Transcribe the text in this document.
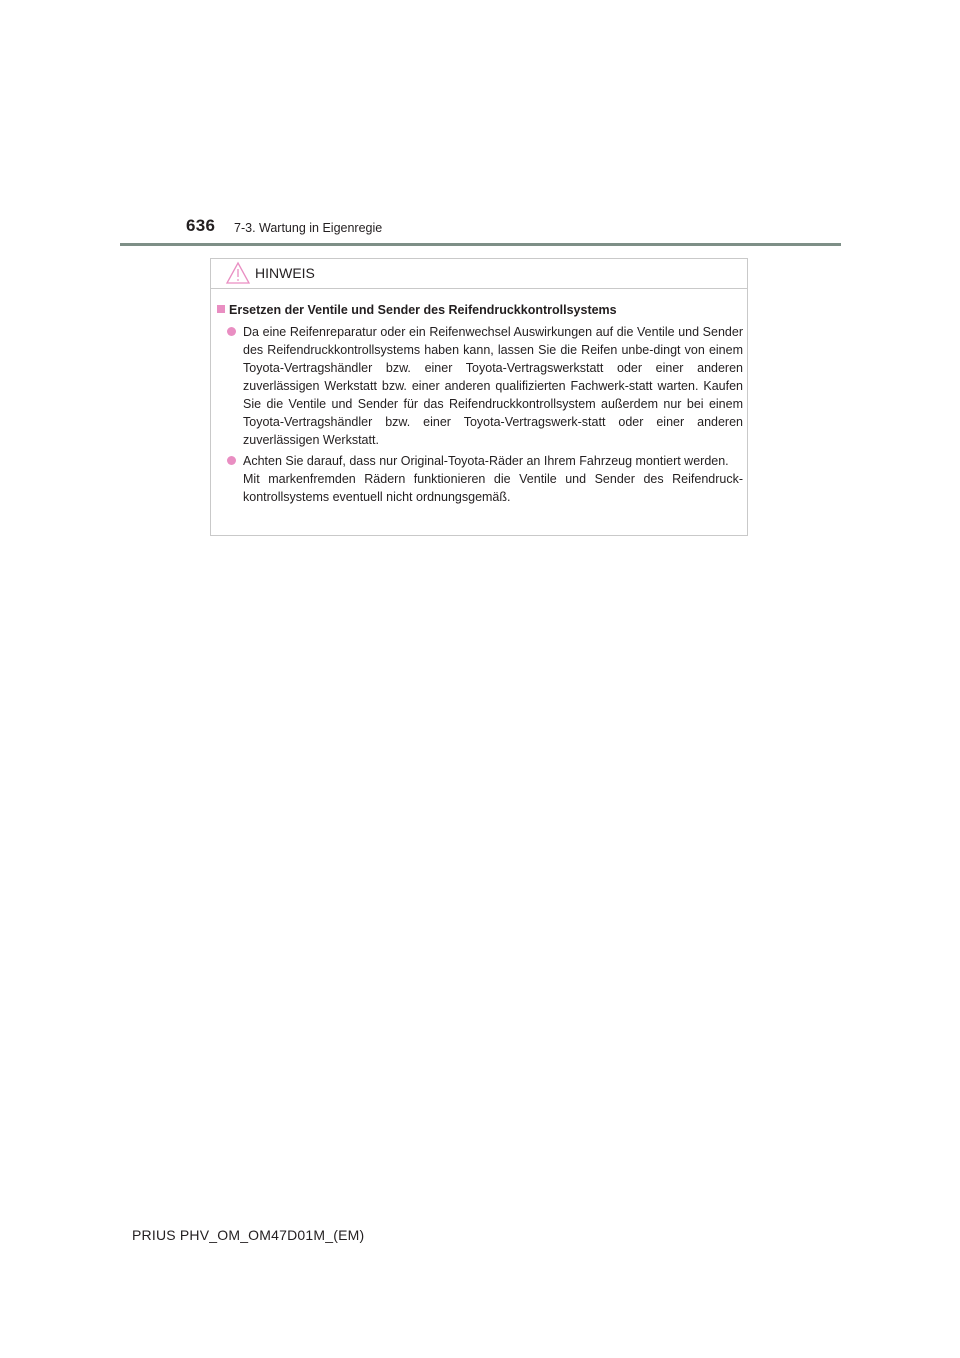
636 7-3. Wartung in Eigenregie
HINWEIS
Ersetzen der Ventile und Sender des Reifendruckkontrollsystems

Da eine Reifenreparatur oder ein Reifenwechsel Auswirkungen auf die Ventile und Sender des Reifendruckkontrollsystems haben kann, lassen Sie die Reifen unbe-dingt von einem Toyota-Vertragshändler bzw. einer Toyota-Vertragswerkstatt oder einer anderen zuverlässigen Werkstatt bzw. einer anderen qualifizierten Fachwerk-statt warten. Kaufen Sie die Ventile und Sender für das Reifendruckkontrollsystem außerdem nur bei einem Toyota-Vertragshändler bzw. einer Toyota-Vertragswerk-statt oder einer anderen zuverlässigen Werkstatt.

Achten Sie darauf, dass nur Original-Toyota-Räder an Ihrem Fahrzeug montiert werden.

Mit markenfremden Rädern funktionieren die Ventile und Sender des Reifendruck-kontrollsystems eventuell nicht ordnungsgemäß.

PRIUS PHV_OM_OM47D01M_(EM)
